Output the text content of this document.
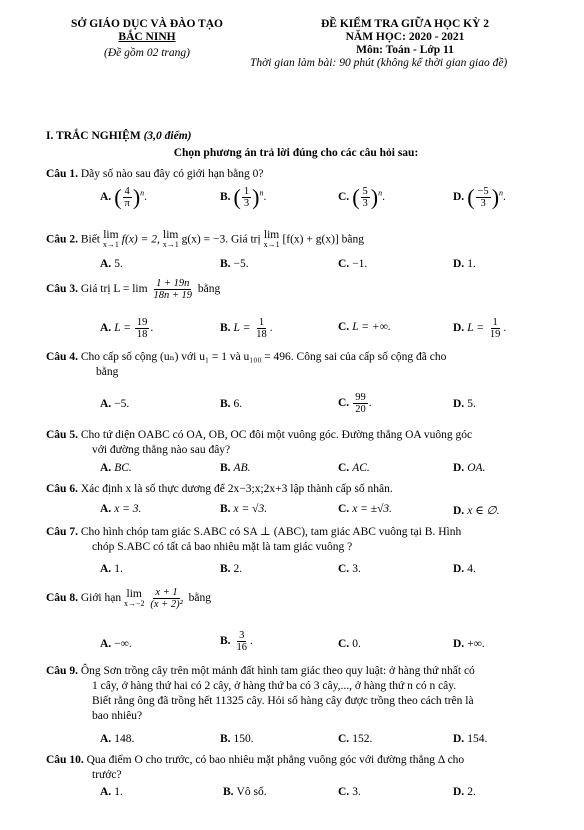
SỞ GIÁO DỤC VÀ ĐÀO TẠO
BẮC NINH
(Đề gồm 02 trang)
ĐỀ KIỂM TRA GIỮA HỌC KỲ 2
NĂM HỌC: 2020 - 2021
Môn: Toán - Lớp 11
Thời gian làm bài: 90 phút (không kể thời gian giao đề)
I. TRẮC NGHIỆM (3,0 điểm)
Chọn phương án trả lời đúng cho các câu hỏi sau:
Câu 1. Dãy số nào sau đây có giới hạn bằng 0?
A. ( $\frac{4}{\pi} )^n$.	B. ( $\frac{1}{3} )^n$.	C. ( $\frac{5}{3} )^n$.	D. ( $\frac{-5}{3} )^n$.
Câu 2. Biết lim
x→1 f(x) = 2, lim
x→1 g(x) = −3. Giá trị lim
x→1 [f(x) + g(x)] bằng
A. 5.	B. −5.	C. −1.	D. 1.
Câu 3. Giá trị $L = \lim \frac{1 + 19n}{18n + 19}$ bằng
A. $L = \frac{19}{18}$ .	B. $L = \frac{1}{18}$ .	C. L = +∞.	D. $L = \frac{1}{19}$ .
Câu 4. Cho cấp số cộng (uₙ) với u₁ = 1 và u₁₀₀ = 496. Công sai của cấp số cộng đã cho
bằng
A. −5.	B. 6.	C. $\frac{99}{20}$ .	D. 5.
Câu 5. Cho tứ diện OABC có OA, OB, OC đôi một vuông góc. Đường thẳng OA vuông góc
với đường thẳng nào sau đây?
A. BC.	B. AB.	C. AC.	D. OA.
Câu 6. Xác định x là số thực dương để 2x−3;x;2x+3 lập thành cấp số nhân.
A. x = 3.	B. x = √3.	C. x = ±√3.	D. x ∈ ∅.
Câu 7. Cho hình chóp tam giác S.ABC có SA ⊥ (ABC), tam giác ABC vuông tại B. Hình
chóp S.ABC có tất cả bao nhiêu mặt là tam giác vuông ?
A. 1.	B. 2.	C. 3.	D. 4.
Câu 8. Giới hạn lim
x→−2
$\frac{x + 1}{\text{(x + 2)²}}$ bằng
A. −∞.	B. $\frac{3}{16}$ .	C. 0.	D. +∞.
Câu 9. Ông Sơn trồng cây trên một mảnh đất hình tam giác theo quy luật: ở hàng thứ nhất có
1 cây, ở hàng thứ hai có 2 cây, ở hàng thứ ba có 3 cây,..., ở hàng thứ n có n cây.
Biết rằng ông đã trồng hết 11325 cây. Hỏi số hàng cây được trồng theo cách trên là
bao nhiêu?
A. 148.	B. 150.	C. 152.	D. 154.
Câu 10. Qua điểm O cho trước, có bao nhiêu mặt phẳng vuông góc với đường thẳng Δ cho
trước?
A. 1.	B. Vô số.	C. 3.	D. 2.
